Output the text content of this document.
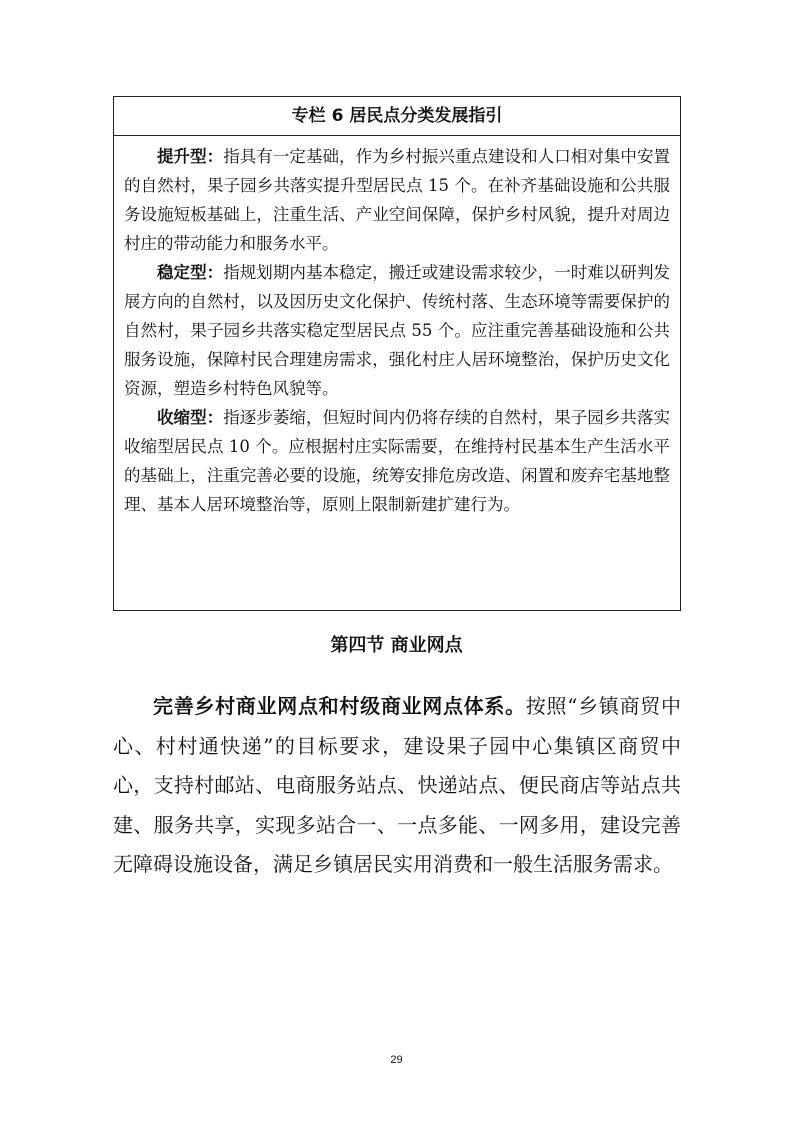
专栏 6 居民点分类发展指引

提升型：指具有一定基础，作为乡村振兴重点建设和人口相对集中安置的自然村，果子园乡共落实提升型居民点 15 个。在补齐基础设施和公共服务设施短板基础上，注重生活、产业空间保障，保护乡村风貌，提升对周边村庄的带动能力和服务水平。

稳定型：指规划期内基本稳定，搬迁或建设需求较少，一时难以研判发展方向的自然村，以及因历史文化保护、传统村落、生态环境等需要保护的自然村，果子园乡共落实稳定型居民点 55 个。应注重完善基础设施和公共服务设施，保障村民合理建房需求，强化村庄人居环境整治，保护历史文化资源，塑造乡村特色风貌等。

收缩型：指逐步萎缩，但短时间内仍将存续的自然村，果子园乡共落实收缩型居民点 10 个。应根据村庄实际需要，在维持村民基本生产生活水平的基础上，注重完善必要的设施，统筹安排危房改造、闲置和废弃宅基地整理、基本人居环境整治等，原则上限制新建扩建行为。

第四节 商业网点

完善乡村商业网点和村级商业网点体系。按照“乡镇商贸中心、村村通快递”的目标要求，建设果子园中心集镇区商贸中心，支持村邮站、电商服务站点、快递站点、便民商店等站点共建、服务共享，实现多站合一、一点多能、一网多用，建设完善无障碍设施设备，满足乡镇居民实用消费和一般生活服务需求。

29
